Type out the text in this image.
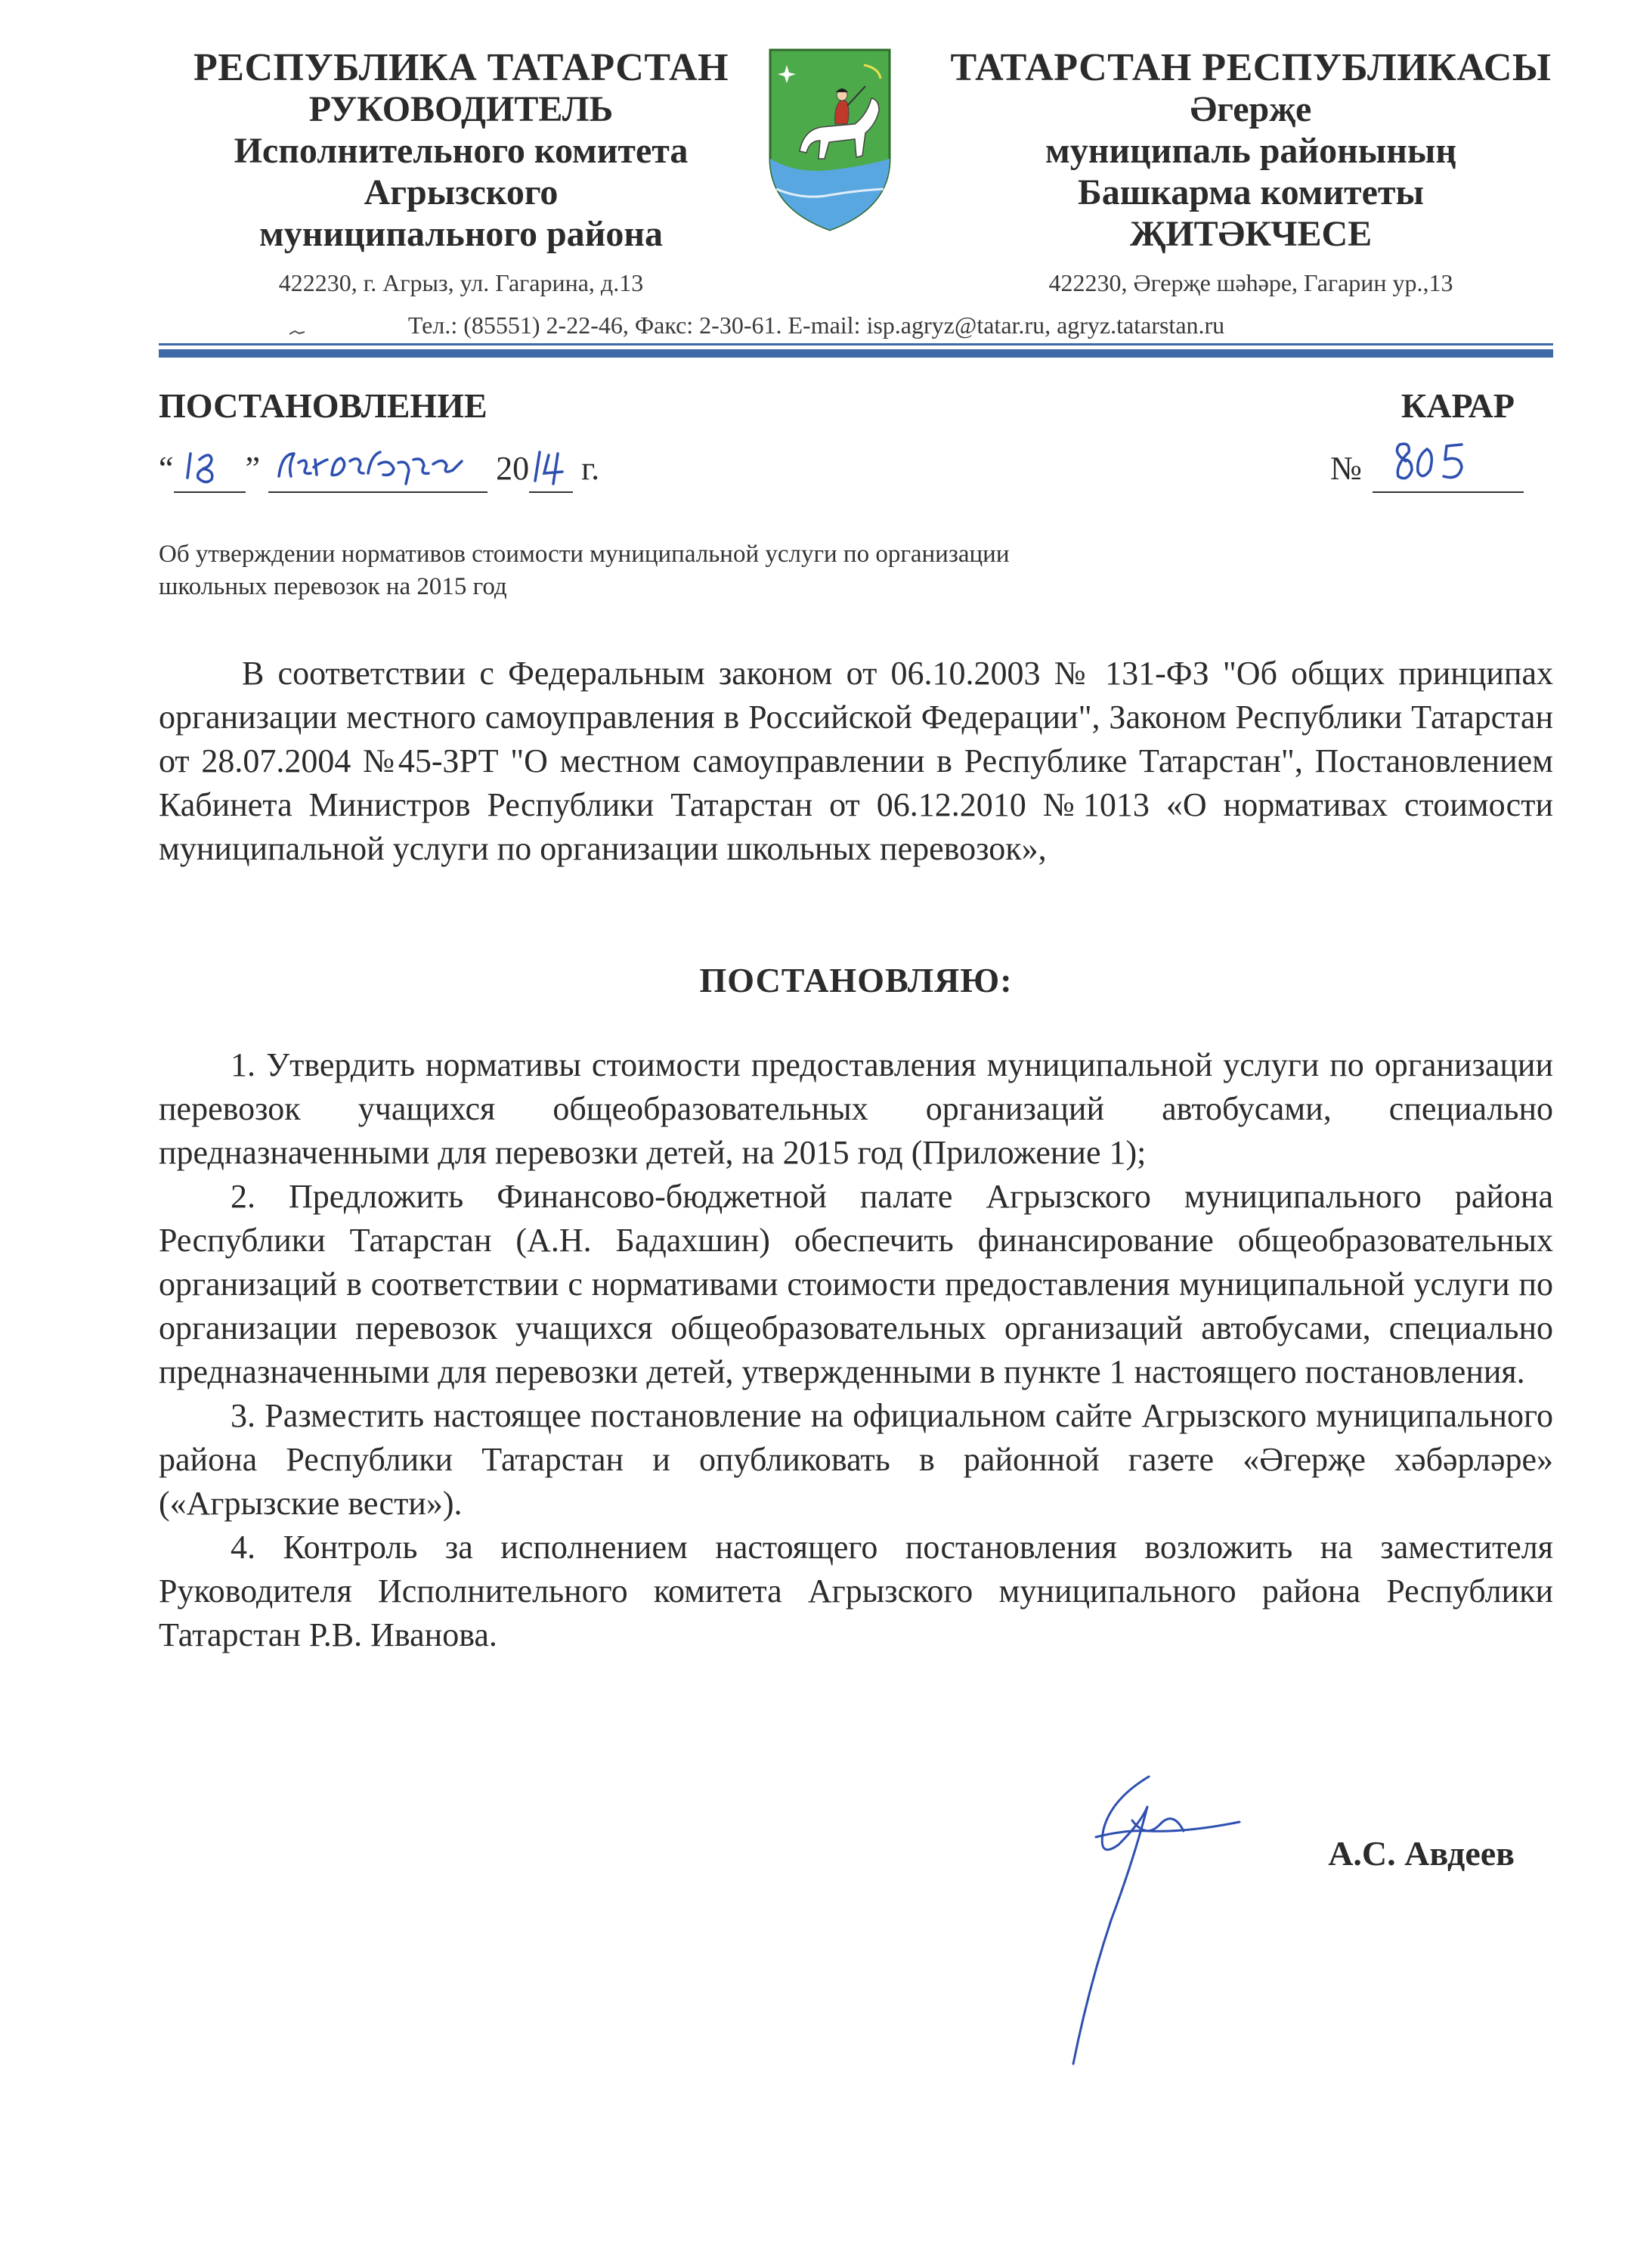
РЕСПУБЛИКА ТАТАРСТАН
РУКОВОДИТЕЛЬ
Исполнительного комитета
Агрызского
муниципального района
ТАТАРСТАН РЕСПУБЛИКАСЫ
Әгерҗе
муниципаль районының
Башкарма комитеты
ҖИТӘКЧЕСЕ
422230, г. Агрыз, ул. Гагарина, д.13	422230, Әгерҗе шәһәре, Гагарин ур.,13
Тел.: (85551) 2-22-46, Факс: 2-30-61. E-mail: isp.agryz@tatar.ru, agryz.tatarstan.ru
ПОСТАНОВЛЕНИЕ	КАРАР
“ ”	20 г.	№
Об утверждении нормативов стоимости муниципальной услуги по организации школьных перевозок на 2015 год
В соответствии с Федеральным законом от 06.10.2003 № 131-ФЗ "Об общих принципах организации местного самоуправления в Российской Федерации", Законом Республики Татарстан от 28.07.2004 №45-ЗРТ "О местном самоуправлении в Республике Татарстан", Постановлением Кабинета Министров Республики Татарстан от 06.12.2010 №1013 «О нормативах стоимости муниципальной услуги по организации школьных перевозок»,
ПОСТАНОВЛЯЮ:

1. Утвердить нормативы стоимости предоставления муниципальной услуги по организации перевозок учащихся общеобразовательных организаций автобусами, специально предназначенными для перевозки детей, на 2015 год (Приложение 1);

2. Предложить Финансово-бюджетной палате Агрызского муниципального района Республики Татарстан (А.Н. Бадахшин) обеспечить финансирование общеобразовательных организаций в соответствии с нормативами стоимости предоставления муниципальной услуги по организации перевозок учащихся общеобразовательных организаций автобусами, специально предназначенными для перевозки детей, утвержденными в пункте 1 настоящего постановления.

3. Разместить настоящее постановление на официальном сайте Агрызского муниципального района Республики Татарстан и опубликовать в районной газете «Әгерҗе хәбәрләре» («Агрызские вести»).

4. Контроль за исполнением настоящего постановления возложить на заместителя Руководителя Исполнительного комитета Агрызского муниципального района Республики Татарстан Р.В. Иванова.

А.С. Авдеев
